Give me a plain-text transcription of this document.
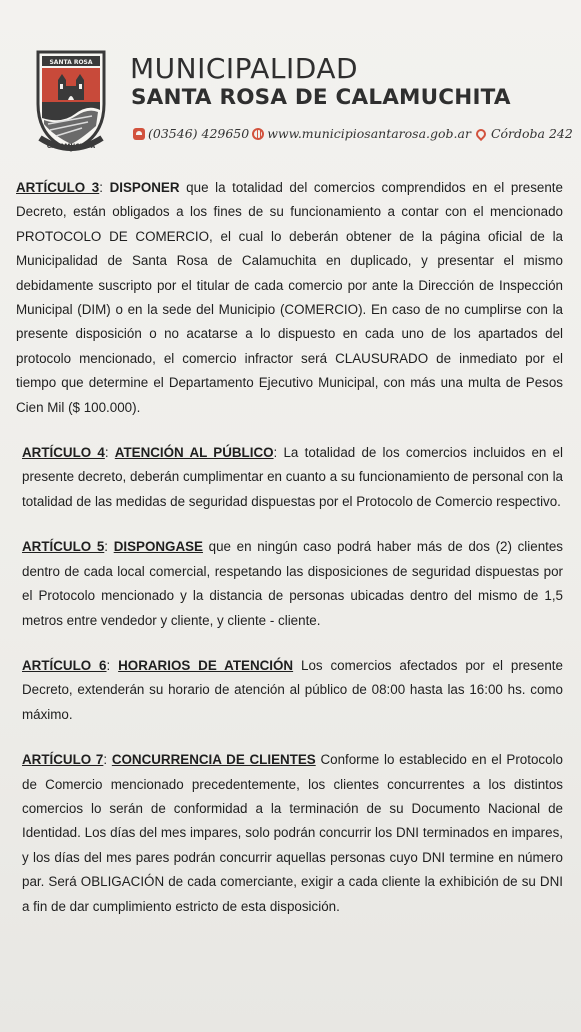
SANTA ROSA
CALAMUCHITA
MUNICIPALIDAD
SANTA ROSA DE CALAMUCHITA
(03546) 429650 www.municipiosantarosa.gob.ar Córdoba 242

ARTÍCULO 3: DISPONER que la totalidad del comercios comprendidos en el presente Decreto, están obligados a los fines de su funcionamiento a contar con el mencionado PROTOCOLO DE COMERCIO, el cual lo deberán obtener de la página oficial de la Municipalidad de Santa Rosa de Calamuchita en duplicado, y presentar el mismo debidamente suscripto por el titular de cada comercio por ante la Dirección de Inspección Municipal (DIM) o en la sede del Municipio (COMERCIO). En caso de no cumplirse con la presente disposición o no acatarse a lo dispuesto en cada uno de los apartados del protocolo mencionado, el comercio infractor será CLAUSURADO de inmediato por el tiempo que determine el Departamento Ejecutivo Municipal, con más una multa de Pesos Cien Mil ($ 100.000).

ARTÍCULO 4: ATENCIÓN AL PÚBLICO: La totalidad de los comercios incluidos en el presente decreto, deberán cumplimentar en cuanto a su funcionamiento de personal con la totalidad de las medidas de seguridad dispuestas por el Protocolo de Comercio respectivo.

ARTÍCULO 5: DISPONGASE que en ningún caso podrá haber más de dos (2) clientes dentro de cada local comercial, respetando las disposiciones de seguridad dispuestas por el Protocolo mencionado y la distancia de personas ubicadas dentro del mismo de 1,5 metros entre vendedor y cliente, y cliente - cliente.

ARTÍCULO 6: HORARIOS DE ATENCIÓN Los comercios afectados por el presente Decreto, extenderán su horario de atención al público de 08:00 hasta las 16:00 hs. como máximo.

ARTÍCULO 7: CONCURRENCIA DE CLIENTES Conforme lo establecido en el Protocolo de Comercio mencionado precedentemente, los clientes concurrentes a los distintos comercios lo serán de conformidad a la terminación de su Documento Nacional de Identidad. Los días del mes impares, solo podrán concurrir los DNI terminados en impares, y los días del mes pares podrán concurrir aquellas personas cuyo DNI termine en número par. Será OBLIGACIÓN de cada comerciante, exigir a cada cliente la exhibición de su DNI a fin de dar cumplimiento estricto de esta disposición.
